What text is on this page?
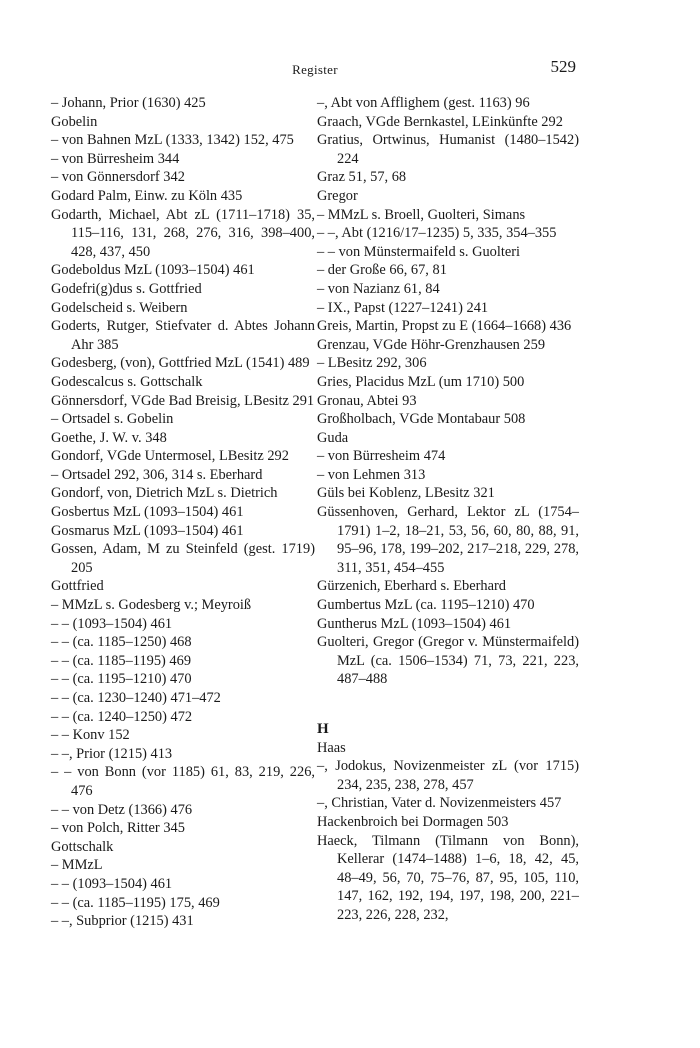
Register	529

– Johann, Prior (1630) 425

Gobelin

– von Bahnen MzL (1333, 1342) 152, 475

– von Bürresheim 344

– von Gönnersdorf 342

Godard Palm, Einw. zu Köln 435

Godarth, Michael, Abt zL (1711–1718) 35, 115–116, 131, 268, 276, 316, 398–400, 428, 437, 450

Godeboldus MzL (1093–1504) 461

Godefri(g)dus s. Gottfried

Godelscheid s. Weibern

Goderts, Rutger, Stiefvater d. Abtes Johann Ahr 385

Godesberg, (von), Gottfried MzL (1541) 489

Godescalcus s. Gottschalk

Gönnersdorf, VGde Bad Breisig, LBesitz 291

– Ortsadel s. Gobelin

Goethe, J. W. v. 348

Gondorf, VGde Untermosel, LBesitz 292

– Ortsadel 292, 306, 314 s. Eberhard

Gondorf, von, Dietrich MzL s. Dietrich

Gosbertus MzL (1093–1504) 461

Gosmarus MzL (1093–1504) 461

Gossen, Adam, M zu Steinfeld (gest. 1719) 205

Gottfried

– MMzL s. Godesberg v.; Meyroiß

– – (1093–1504) 461

– – (ca. 1185–1250) 468

– – (ca. 1185–1195) 469

– – (ca. 1195–1210) 470

– – (ca. 1230–1240) 471–472

– – (ca. 1240–1250) 472

– – Konv 152

– –, Prior (1215) 413

– – von Bonn (vor 1185) 61, 83, 219, 226, 476

– – von Detz (1366) 476

– von Polch, Ritter 345

Gottschalk

– MMzL

– – (1093–1504) 461

– – (ca. 1185–1195) 175, 469

– –, Subprior (1215) 431

–, Abt von Afflighem (gest. 1163) 96

Graach, VGde Bernkastel, LEinkünfte 292

Gratius, Ortwinus, Humanist (1480–1542) 224

Graz 51, 57, 68

Gregor

– MMzL s. Broell, Guolteri, Simans

– –, Abt (1216/17–1235) 5, 335, 354–355

– – von Münstermaifeld s. Guolteri

– der Große 66, 67, 81

– von Nazianz 61, 84

– IX., Papst (1227–1241) 241

Greis, Martin, Propst zu E (1664–1668) 436

Grenzau, VGde Höhr-Grenzhausen 259

– LBesitz 292, 306

Gries, Placidus MzL (um 1710) 500

Gronau, Abtei 93

Großholbach, VGde Montabaur 508

Guda

– von Bürresheim 474

– von Lehmen 313

Güls bei Koblenz, LBesitz 321

Güssenhoven, Gerhard, Lektor zL (1754–1791) 1–2, 18–21, 53, 56, 60, 80, 88, 91, 95–96, 178, 199–202, 217–218, 229, 278, 311, 351, 454–455

Gürzenich, Eberhard s. Eberhard

Gumbertus MzL (ca. 1195–1210) 470

Guntherus MzL (1093–1504) 461

Guolteri, Gregor (Gregor v. Münstermaifeld) MzL (ca. 1506–1534) 71, 73, 221, 223, 487–488

H

Haas

–, Jodokus, Novizenmeister zL (vor 1715) 234, 235, 238, 278, 457

–, Christian, Vater d. Novizenmeisters 457

Hackenbroich bei Dormagen 503

Haeck, Tilmann (Tilmann von Bonn), Kellerar (1474–1488) 1–6, 18, 42, 45, 48–49, 56, 70, 75–76, 87, 95, 105, 110, 147, 162, 192, 194, 197, 198, 200, 221–223, 226, 228, 232,
